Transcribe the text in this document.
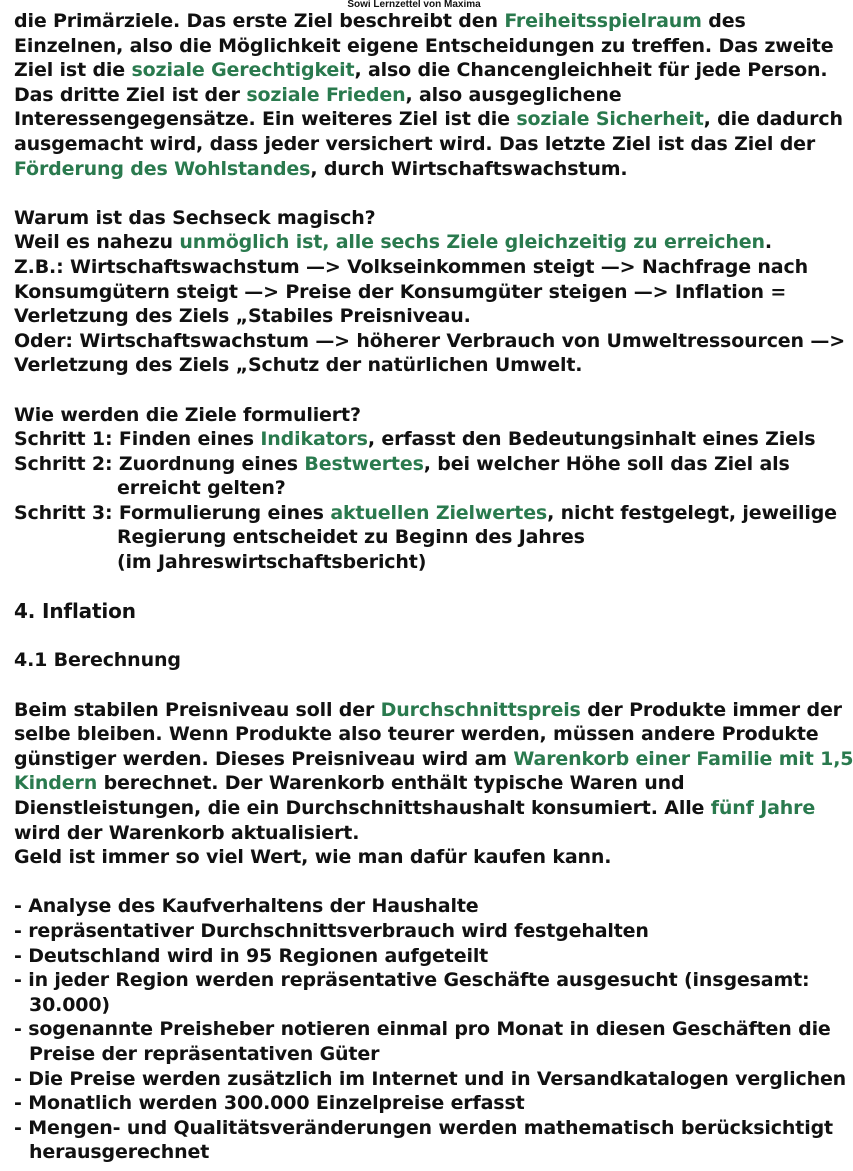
Sowi Lernzettel von Maxima
die Primärziele. Das erste Ziel beschreibt den Freiheitsspielraum des
Einzelnen, also die Möglichkeit eigene Entscheidungen zu treffen. Das zweite
Ziel ist die soziale Gerechtigkeit, also die Chancengleichheit für jede Person.
Das dritte Ziel ist der soziale Frieden, also ausgeglichene
Interessengegensätze. Ein weiteres Ziel ist die soziale Sicherheit, die dadurch
ausgemacht wird, dass jeder versichert wird. Das letzte Ziel ist das Ziel der
Förderung des Wohlstandes, durch Wirtschaftswachstum.
Warum ist das Sechseck magisch?
Weil es nahezu unmöglich ist, alle sechs Ziele gleichzeitig zu erreichen.
Z.B.: Wirtschaftswachstum —> Volkseinkommen steigt —> Nachfrage nach
Konsumgütern steigt —> Preise der Konsumgüter steigen —> Inflation =
Verletzung des Ziels „Stabiles Preisniveau.
Oder: Wirtschaftswachstum —> höherer Verbrauch von Umweltressourcen —>
Verletzung des Ziels „Schutz der natürlichen Umwelt.
Wie werden die Ziele formuliert?
Schritt 1: Finden eines Indikators, erfasst den Bedeutungsinhalt eines Ziels
Schritt 2: Zuordnung eines Bestwertes, bei welcher Höhe soll das Ziel als
erreicht gelten?
Schritt 3: Formulierung eines aktuellen Zielwertes, nicht festgelegt, jeweilige
Regierung entscheidet zu Beginn des Jahres
(im Jahreswirtschaftsbericht)
4. Inflation
4.1 Berechnung
Beim stabilen Preisniveau soll der Durchschnittspreis der Produkte immer der
selbe bleiben. Wenn Produkte also teurer werden, müssen andere Produkte
günstiger werden. Dieses Preisniveau wird am Warenkorb einer Familie mit 1,5
Kindern berechnet. Der Warenkorb enthält typische Waren und
Dienstleistungen, die ein Durchschnittshaushalt konsumiert. Alle fünf Jahre
wird der Warenkorb aktualisiert.
Geld ist immer so viel Wert, wie man dafür kaufen kann.
- Analyse des Kaufverhaltens der Haushalte
- repräsentativer Durchschnittsverbrauch wird festgehalten
- Deutschland wird in 95 Regionen aufgeteilt
- in jeder Region werden repräsentative Geschäfte ausgesucht (insgesamt:
30.000)
- sogenannte Preisheber notieren einmal pro Monat in diesen Geschäften die
Preise der repräsentativen Güter
- Die Preise werden zusätzlich im Internet und in Versandkatalogen verglichen
- Monatlich werden 300.000 Einzelpreise erfasst
- Mengen- und Qualitätsveränderungen werden mathematisch berücksichtigt
herausgerechnet
